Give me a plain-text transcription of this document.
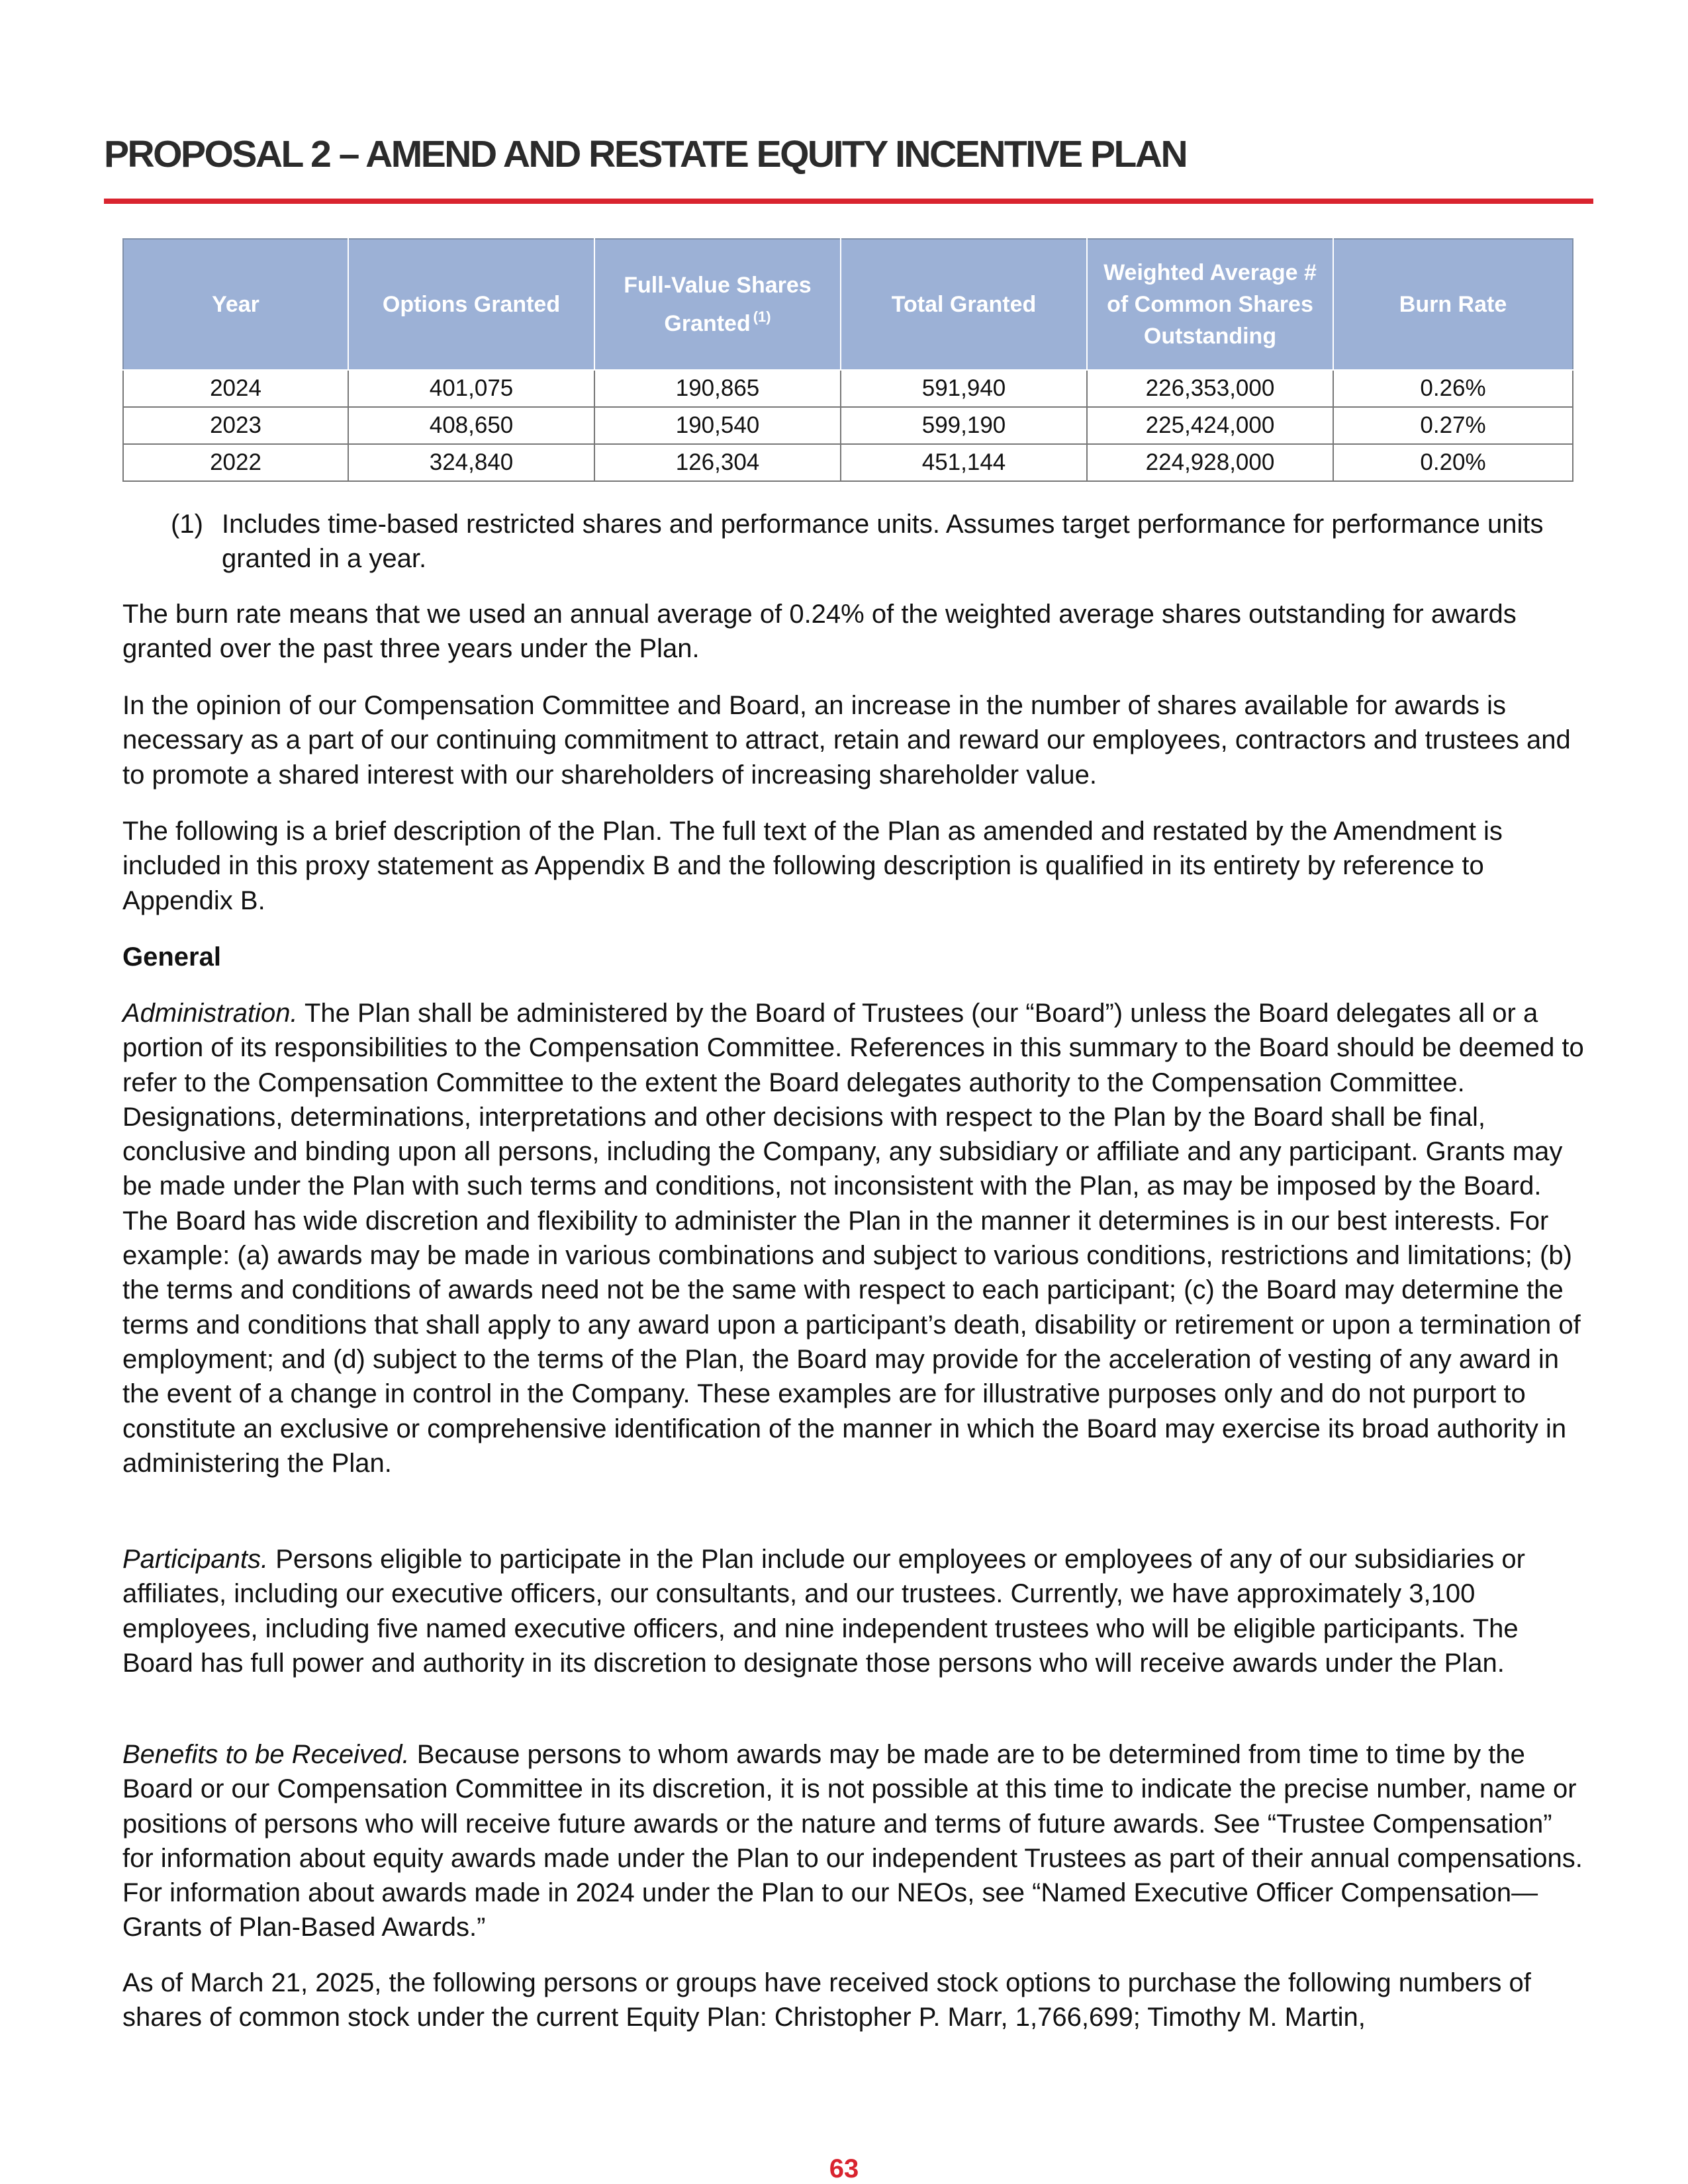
PROPOSAL 2 – AMEND AND RESTATE EQUITY INCENTIVE PLAN
Year	Options Granted	Full-Value Shares Granted $^{(1)}$	Total Granted	Weighted Average # of Common Shares Outstanding	Burn Rate
2024	401,075	190,865	591,940	226,353,000	0.26%
2023	408,650	190,540	599,190	225,424,000	0.27%
2022	324,840	126,304	451,144	224,928,000	0.20%
(1) Includes time-based restricted shares and performance units. Assumes target performance for performance units granted in a year.

The burn rate means that we used an annual average of 0.24% of the weighted average shares outstanding for awards granted over the past three years under the Plan.

In the opinion of our Compensation Committee and Board, an increase in the number of shares available for awards is necessary as a part of our continuing commitment to attract, retain and reward our employees, contractors and trustees and to promote a shared interest with our shareholders of increasing shareholder value.

The following is a brief description of the Plan. The full text of the Plan as amended and restated by the Amendment is included in this proxy statement as Appendix B and the following description is qualified in its entirety by reference to Appendix B.

General

Administration. The Plan shall be administered by the Board of Trustees (our “Board”) unless the Board delegates all or a portion of its responsibilities to the Compensation Committee. References in this summary to the Board should be deemed to refer to the Compensation Committee to the extent the Board delegates authority to the Compensation Committee. Designations, determinations, interpretations and other decisions with respect to the Plan by the Board shall be final, conclusive and binding upon all persons, including the Company, any subsidiary or affiliate and any participant. Grants may be made under the Plan with such terms and conditions, not inconsistent with the Plan, as may be imposed by the Board. The Board has wide discretion and flexibility to administer the Plan in the manner it determines is in our best interests. For example: (a) awards may be made in various combinations and subject to various conditions, restrictions and limitations; (b) the terms and conditions of awards need not be the same with respect to each participant; (c) the Board may determine the terms and conditions that shall apply to any award upon a participant’s death, disability or retirement or upon a termination of employment; and (d) subject to the terms of the Plan, the Board may provide for the acceleration of vesting of any award in the event of a change in control in the Company. These examples are for illustrative purposes only and do not purport to constitute an exclusive or comprehensive identification of the manner in which the Board may exercise its broad authority in administering the Plan.

Participants. Persons eligible to participate in the Plan include our employees or employees of any of our subsidiaries or affiliates, including our executive officers, our consultants, and our trustees. Currently, we have approximately 3,100 employees, including five named executive officers, and nine independent trustees who will be eligible participants. The Board has full power and authority in its discretion to designate those persons who will receive awards under the Plan.

Benefits to be Received. Because persons to whom awards may be made are to be determined from time to time by the Board or our Compensation Committee in its discretion, it is not possible at this time to indicate the precise number, name or positions of persons who will receive future awards or the nature and terms of future awards. See “Trustee Compensation” for information about equity awards made under the Plan to our independent Trustees as part of their annual compensations. For information about awards made in 2024 under the Plan to our NEOs, see “Named Executive Officer Compensation—Grants of Plan-Based Awards.”

As of March 21, 2025, the following persons or groups have received stock options to purchase the following numbers of shares of common stock under the current Equity Plan: Christopher P. Marr, 1,766,699; Timothy M. Martin,

63
